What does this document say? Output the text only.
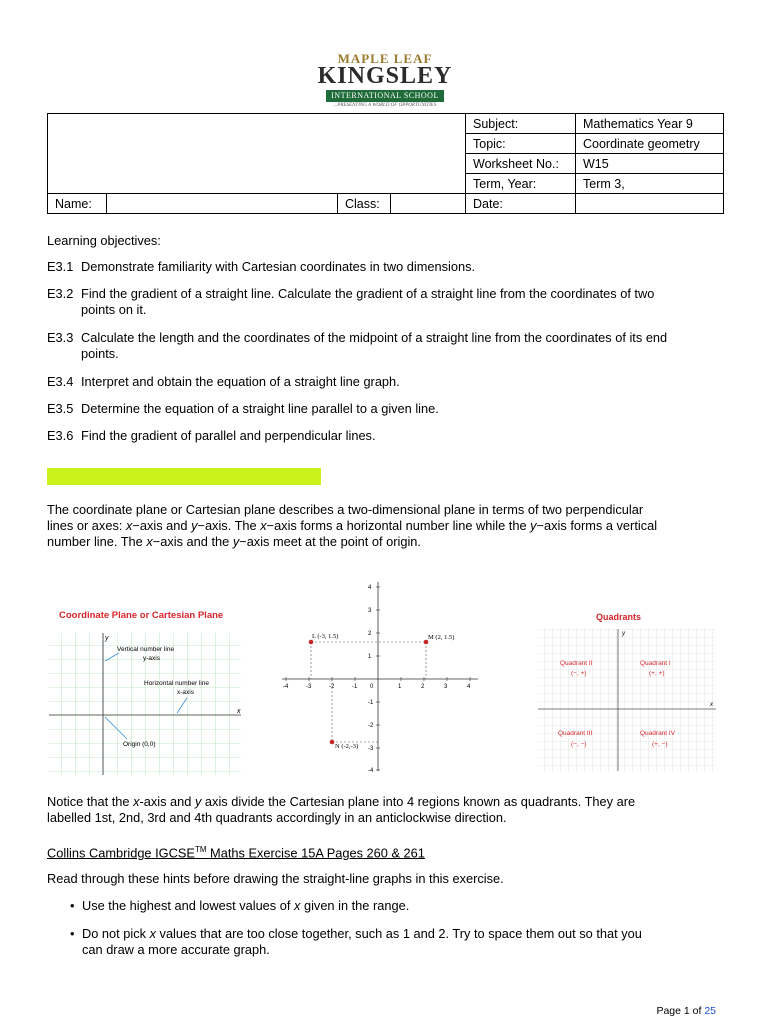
MAPLE LEAF
KINGSLEY
INTERNATIONAL SCHOOL
...PRESENTING A WORLD OF OPPORTUNITIES
				Subject:	Mathematics Year 9
				Topic:	Coordinate geometry
				Worksheet No.:	W15
				Term, Year:	Term 3,
Name:		Class:		Date:	
Learning objectives:
E3.1 Demonstrate familiarity with Cartesian coordinates in two dimensions.
E3.2 Find the gradient of a straight line. Calculate the gradient of a straight line from the coordinates of two
points on it.
E3.3 Calculate the length and the coordinates of the midpoint of a straight line from the coordinates of its end
points.
E3.4 Interpret and obtain the equation of a straight line graph.
E3.5 Determine the equation of a straight line parallel to a given line.
E3.6 Find the gradient of parallel and perpendicular lines.
The coordinate plane or Cartesian plane describes a two-dimensional plane in terms of two perpendicular
lines or axes: x−axis and y−axis. The x−axis forms a horizontal number line while the y−axis forms a vertical
number line. The x−axis and the y−axis meet at the point of origin.
Coordinate Plane or Cartesian Plane
y
x
Vertical number line
y-axis
Horizontal number line
x-axis
Origin (0,0)
-4	-3	-2	-1	1	2	3	4
4
3
2
1
-1
-2
-3
-4
L (-3, 1.5)	M (2, 1.5)
N (-2,-3)
0
Quadrants
y
x
Quadrant II
(−, +)
Quadrant I
(+, +)
Quadrant III
(−, −)
Quadrant IV
(+, −)
Notice that the x-axis and y axis divide the Cartesian plane into 4 regions known as quadrants. They are
labelled 1st, 2nd, 3rd and 4th quadrants accordingly in an anticlockwise direction.
Collins Cambridge IGCSE™ Maths Exercise 15A Pages 260 & 261
Read through these hints before drawing the straight-line graphs in this exercise.
• Use the highest and lowest values of x given in the range.
• Do not pick x values that are too close together, such as 1 and 2. Try to space them out so that you
can draw a more accurate graph.
Page 1 of 25
